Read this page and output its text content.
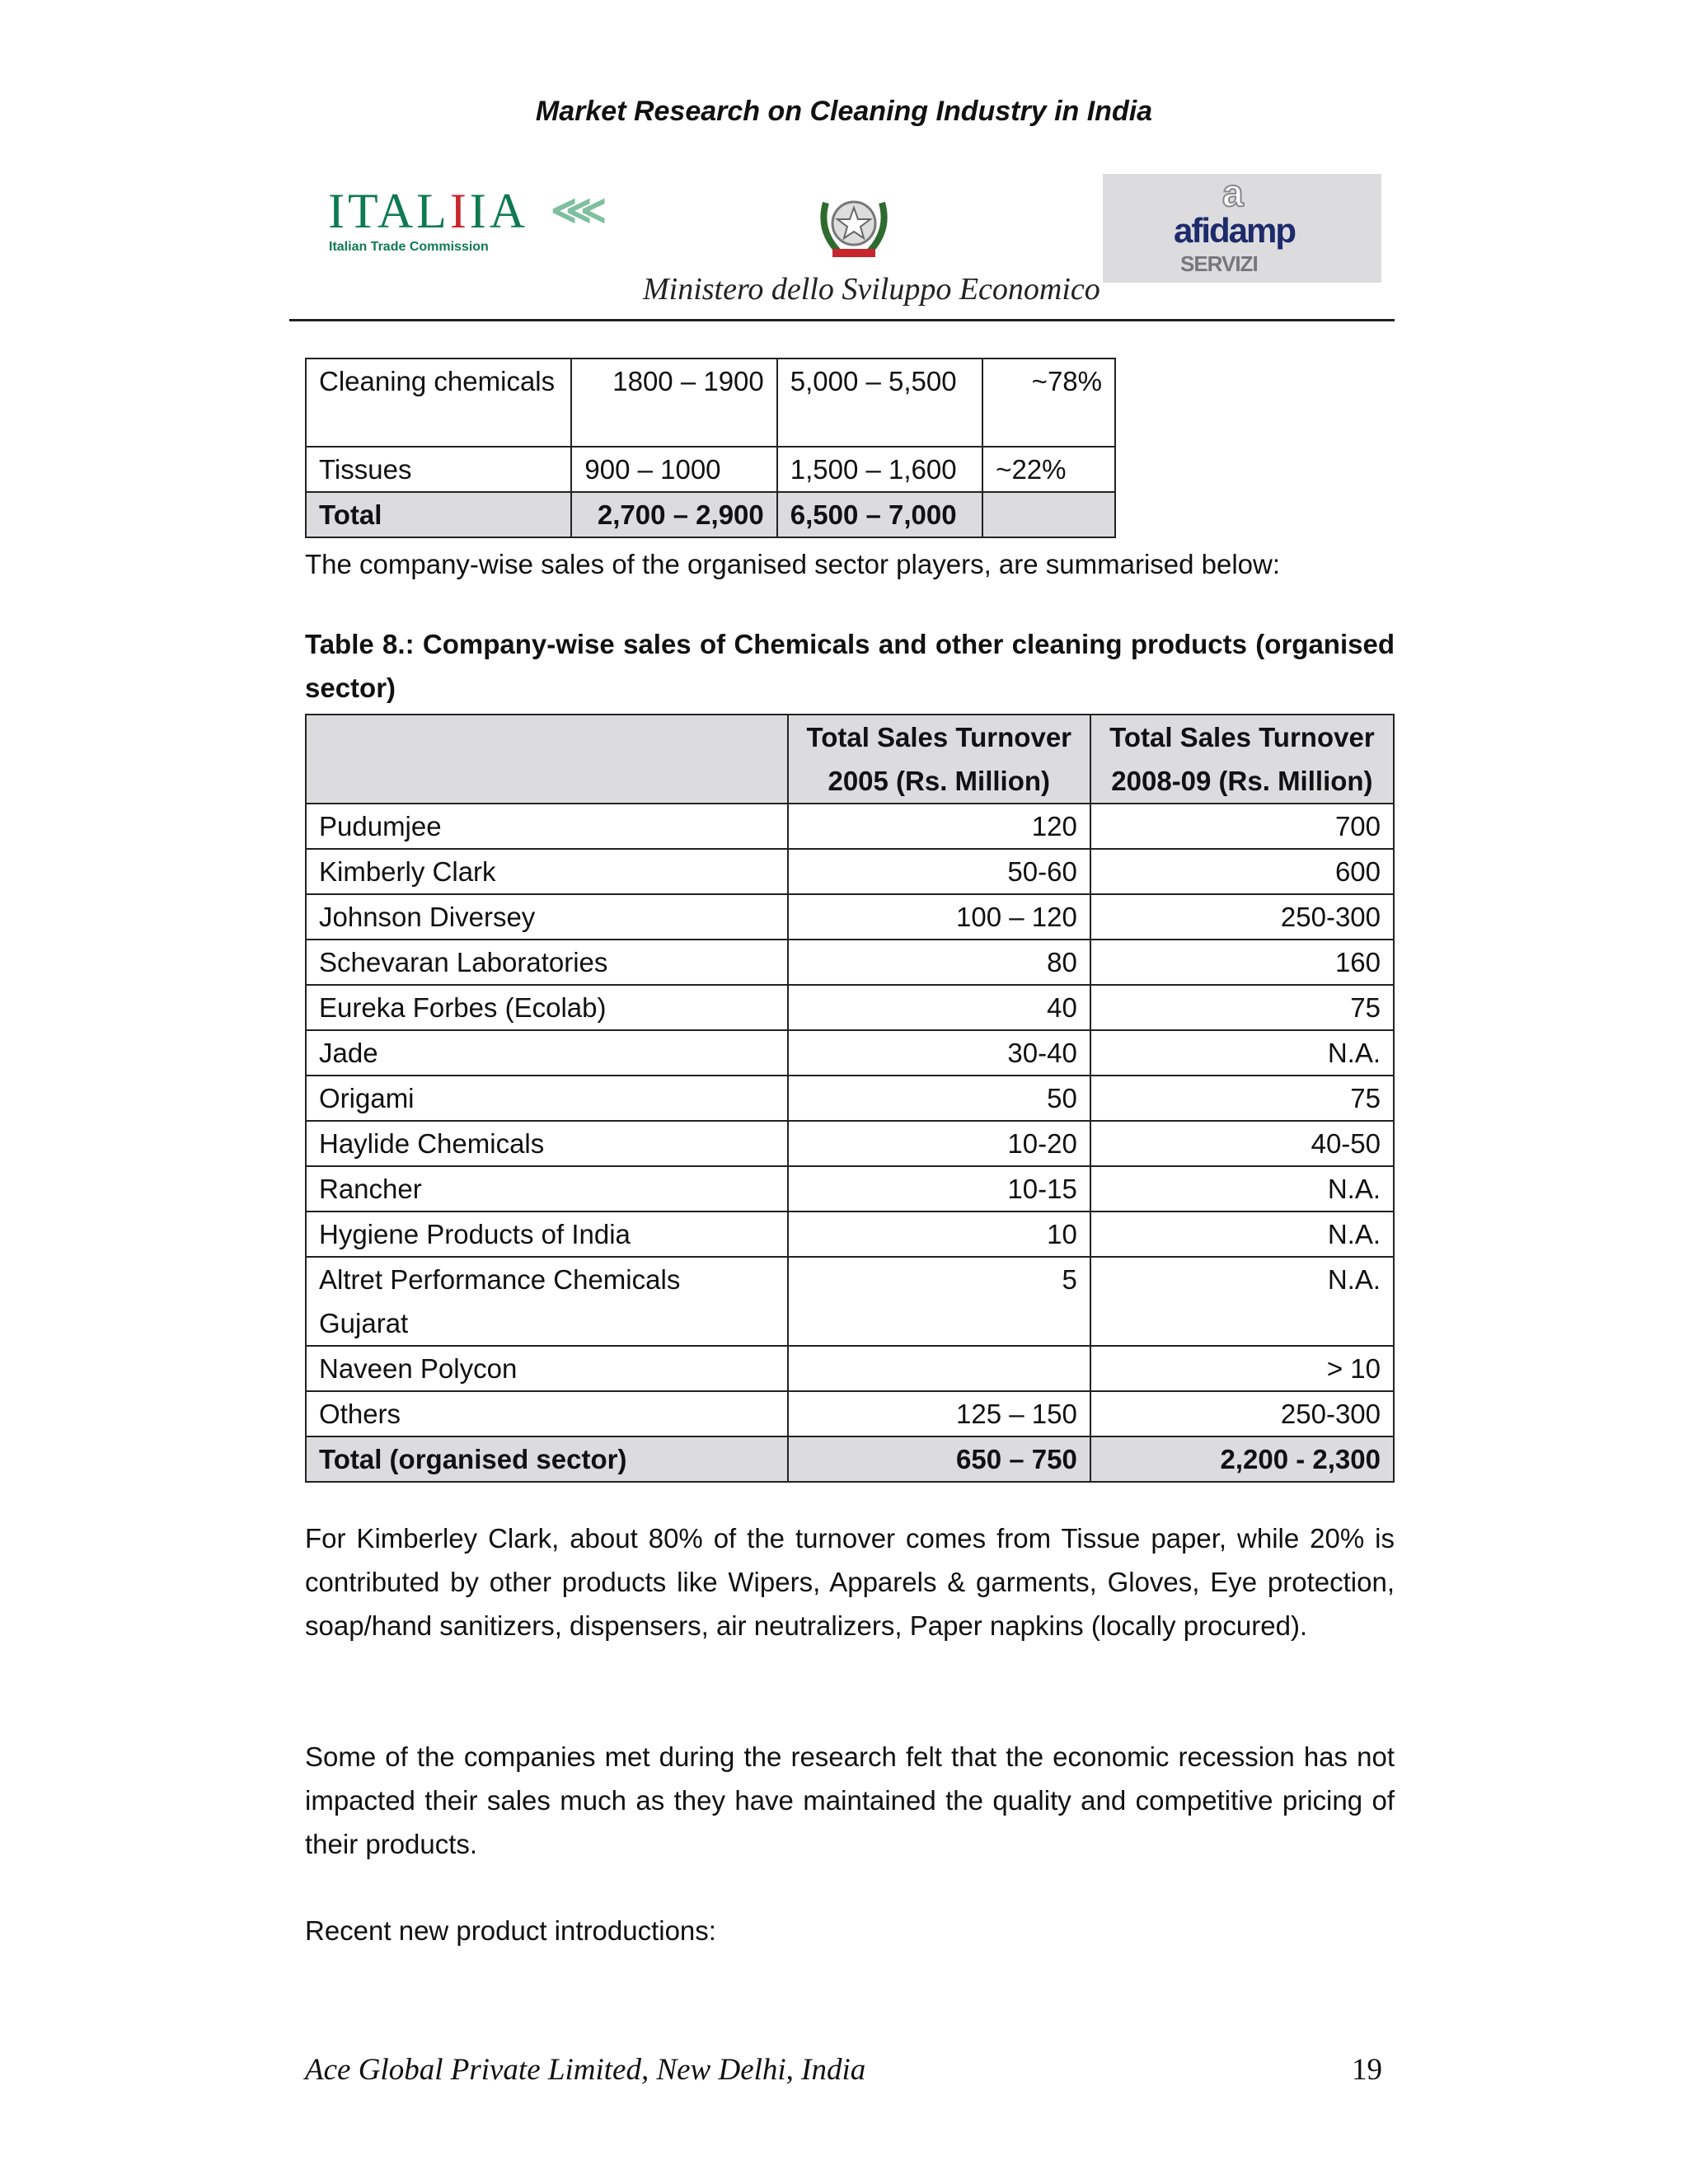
Market Research on Cleaning Industry in India
ITALIIA ⋘
Italian Trade Commission
Ministero dello Sviluppo Economico
a
afidamp
SERVIZI
Cleaning chemicals	1800 – 1900	5,000 – 5,500	~78%
Tissues	900 – 1000	1,500 – 1,600	~22%
Total	2,700 – 2,900	6,500 – 7,000	
The company-wise sales of the organised sector players, are summarised below:
Table 8.: Company-wise sales of Chemicals and other cleaning products (organised sector)
	Total Sales Turnover 2005 (Rs. Million)	Total Sales Turnover 2008-09 (Rs. Million)
Pudumjee	120	700
Kimberly Clark	50-60	600
Johnson Diversey	100 – 120	250-300
Schevaran Laboratories	80	160
Eureka Forbes (Ecolab)	40	75
Jade	30-40	N.A.
Origami	50	75
Haylide Chemicals	10-20	40-50
Rancher	10-15	N.A.
Hygiene Products of India	10	N.A.
Altret Performance Chemicals Gujarat	5	N.A.
Naveen Polycon		> 10
Others	125 – 150	250-300
Total (organised sector)	650 – 750	2,200 - 2,300
For Kimberley Clark, about 80% of the turnover comes from Tissue paper, while 20% is contributed by other products like Wipers, Apparels & garments, Gloves, Eye protection, soap/hand sanitizers, dispensers, air neutralizers, Paper napkins (locally procured).
Some of the companies met during the research felt that the economic recession has not impacted their sales much as they have maintained the quality and competitive pricing of their products.
Recent new product introductions:
Ace Global Private Limited, New Delhi, India	19
